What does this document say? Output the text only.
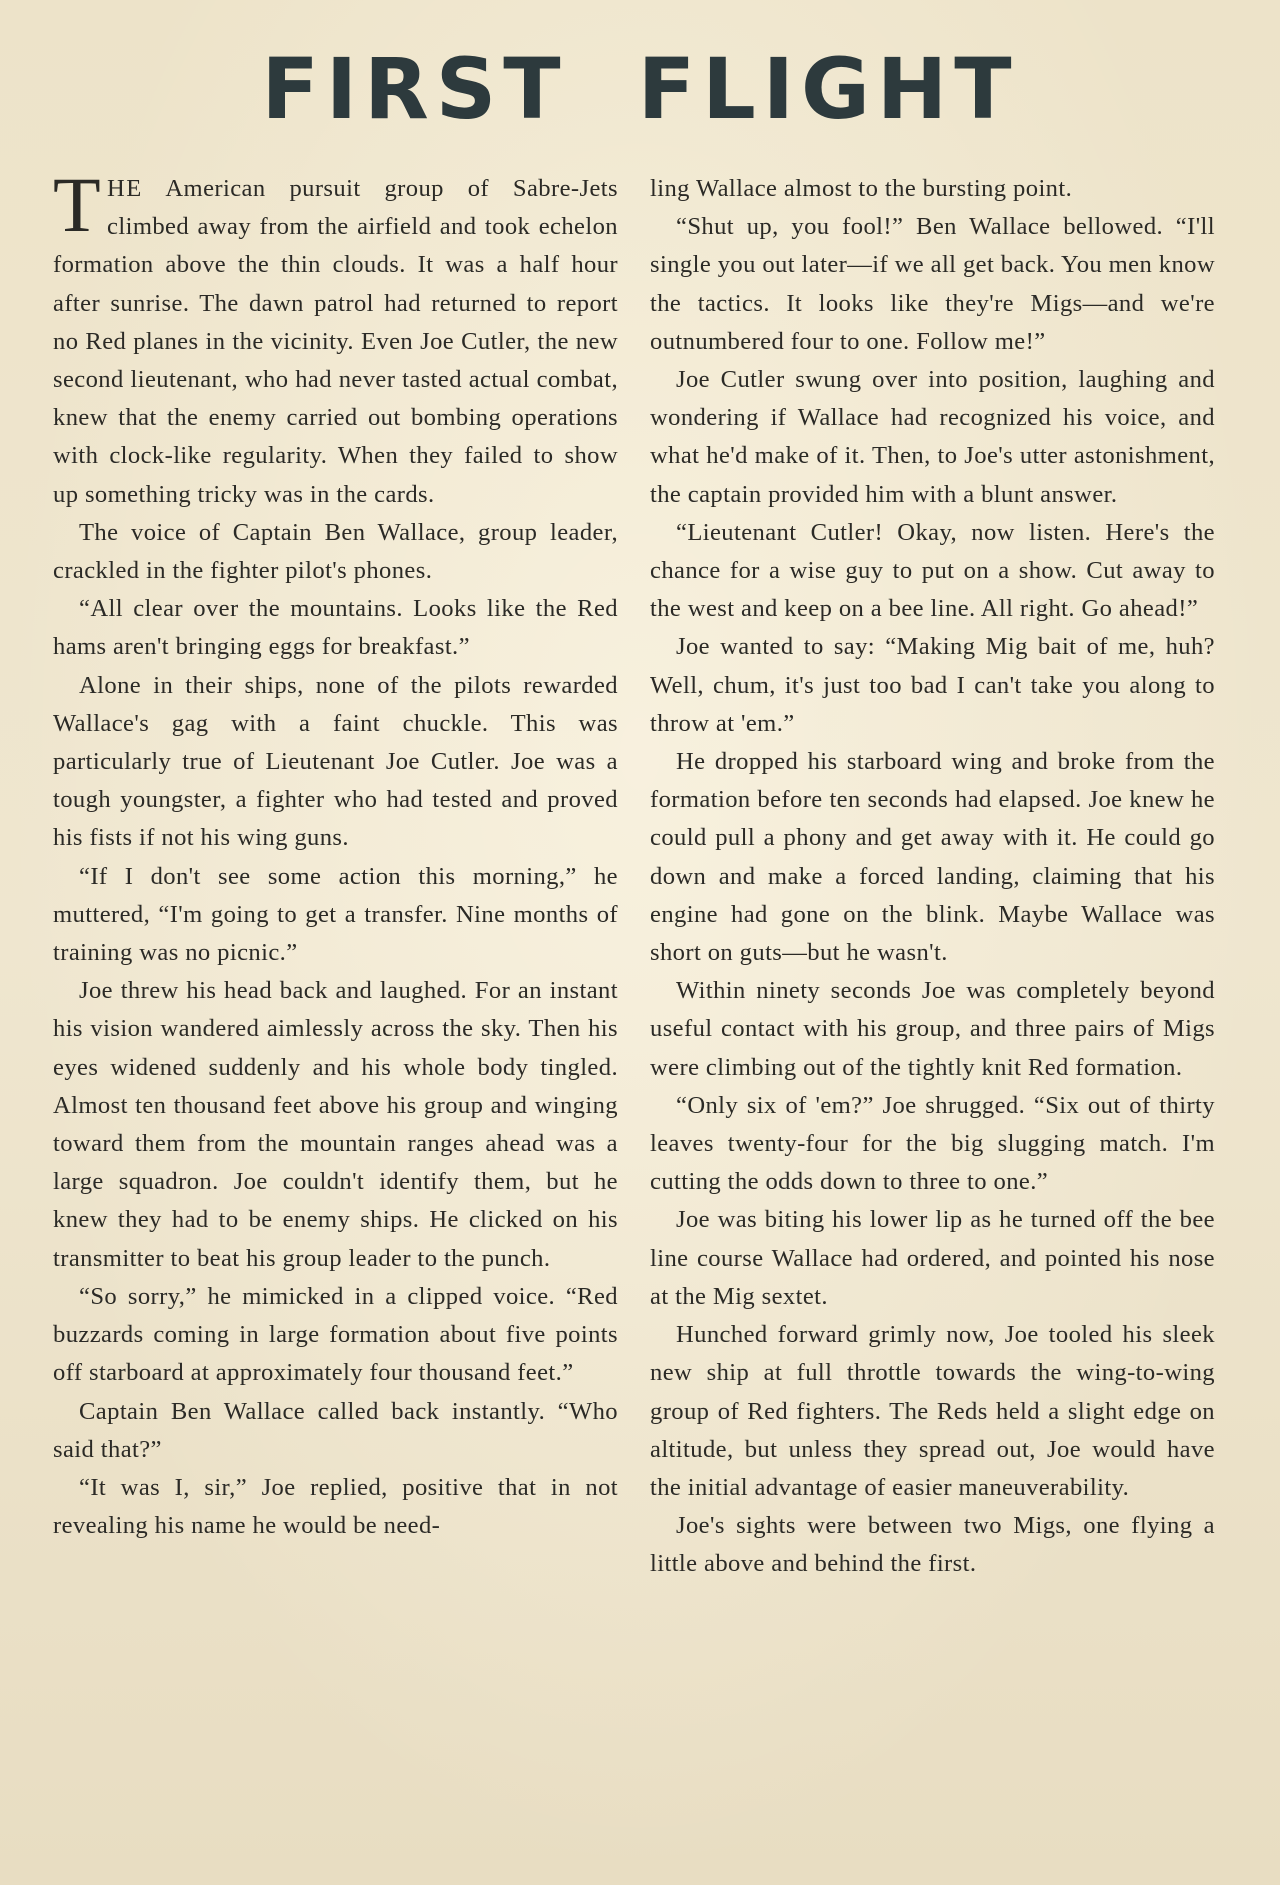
FIRST FLIGHT

THE American pursuit group of Sabre-Jets climbed away from the airfield and took echelon formation above the thin clouds. It was a half hour after sunrise. The dawn patrol had returned to report no Red planes in the vicinity. Even Joe Cutler, the new second lieutenant, who had never tasted actual combat, knew that the enemy carried out bombing operations with clock-like regularity. When they failed to show up something tricky was in the cards.

The voice of Captain Ben Wallace, group leader, crackled in the fighter pilot's phones.

“All clear over the mountains. Looks like the Red hams aren't bringing eggs for breakfast.”

Alone in their ships, none of the pilots rewarded Wallace's gag with a faint chuckle. This was particularly true of Lieutenant Joe Cutler. Joe was a tough youngster, a fighter who had tested and proved his fists if not his wing guns.

“If I don't see some action this morning,” he muttered, “I'm going to get a transfer. Nine months of training was no picnic.”

Joe threw his head back and laughed. For an instant his vision wandered aimlessly across the sky. Then his eyes widened suddenly and his whole body tingled. Almost ten thousand feet above his group and winging toward them from the mountain ranges ahead was a large squadron. Joe couldn't identify them, but he knew they had to be enemy ships. He clicked on his transmitter to beat his group leader to the punch.

“So sorry,” he mimicked in a clipped voice. “Red buzzards coming in large formation about five points off starboard at approximately four thousand feet.”

Captain Ben Wallace called back instantly. “Who said that?”

“It was I, sir,” Joe replied, positive that in not revealing his name he would be need-

ling Wallace almost to the bursting point.

“Shut up, you fool!” Ben Wallace bellowed. “I'll single you out later—if we all get back. You men know the tactics. It looks like they're Migs—and we're outnumbered four to one. Follow me!”

Joe Cutler swung over into position, laughing and wondering if Wallace had recognized his voice, and what he'd make of it. Then, to Joe's utter astonishment, the captain provided him with a blunt answer.

“Lieutenant Cutler! Okay, now listen. Here's the chance for a wise guy to put on a show. Cut away to the west and keep on a bee line. All right. Go ahead!”

Joe wanted to say: “Making Mig bait of me, huh? Well, chum, it's just too bad I can't take you along to throw at 'em.”

He dropped his starboard wing and broke from the formation before ten seconds had elapsed. Joe knew he could pull a phony and get away with it. He could go down and make a forced landing, claiming that his engine had gone on the blink. Maybe Wallace was short on guts—but he wasn't.

Within ninety seconds Joe was completely beyond useful contact with his group, and three pairs of Migs were climbing out of the tightly knit Red formation.

“Only six of 'em?” Joe shrugged. “Six out of thirty leaves twenty-four for the big slugging match. I'm cutting the odds down to three to one.”

Joe was biting his lower lip as he turned off the bee line course Wallace had ordered, and pointed his nose at the Mig sextet.

Hunched forward grimly now, Joe tooled his sleek new ship at full throttle towards the wing-to-wing group of Red fighters. The Reds held a slight edge on altitude, but unless they spread out, Joe would have the initial advantage of easier maneuverability.

Joe's sights were between two Migs, one flying a little above and behind the first.
